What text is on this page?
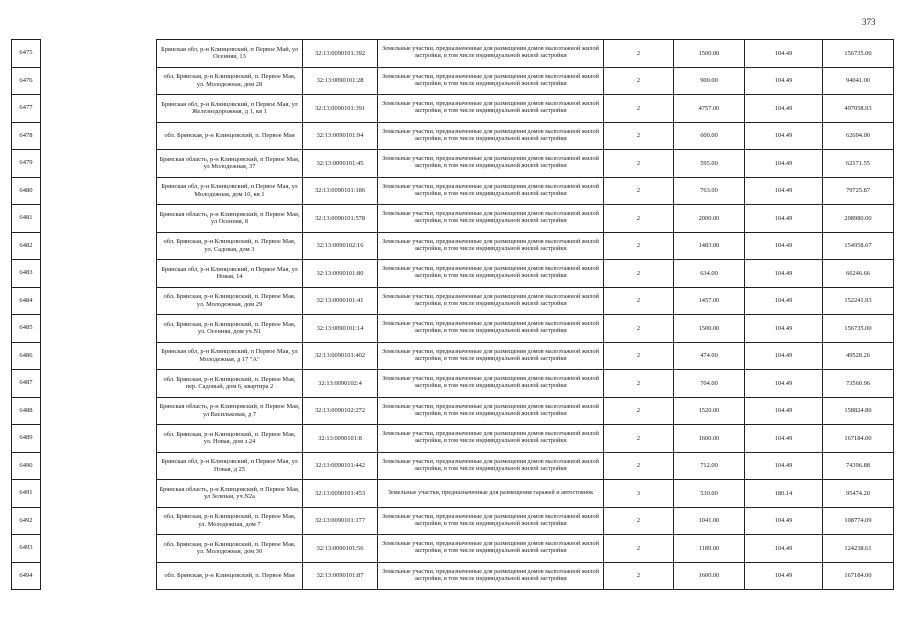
373
6475		Брянская обл, р-н Клинцовский, п Первое Май, ул Осенняя, 13	32:13:0090101:392	Земельные участки, предназначенные для размещения домов малоэтажной жилой застройки, в том числе индивидуальной жилой застройки	2	1500.00	104.49	156735.00
6476		обл. Брянская, р-н Клинцовский, п. Первое Мая, ул. Молодежная, дом 28	32:13:0090101:28	Земельные участки, предназначенные для размещения домов малоэтажной жилой застройки, в том числе индивидуальной жилой застройки	2	900.00	104.49	94041.00
6477		Брянская обл, р-н Клинцовский, п Первое Мая, ул Железнодорожная, д 1, кв 1	32:13:0090101:391	Земельные участки, предназначенные для размещения домов малоэтажной жилой застройки, в том числе индивидуальной жилой застройки	2	4757.00	104.49	497058.93
6478		обл. Брянская, р-н Клинцовский, п. Первое Мая	32:13:0090101:94	Земельные участки, предназначенные для размещения домов малоэтажной жилой застройки, в том числе индивидуальной жилой застройки	2	600.00	104.49	62694.00
6479		Брянская область, р-н Клинцовский, п Первое Мая, ул Молодежная, 37	32:13:0090101:45	Земельные участки, предназначенные для размещения домов малоэтажной жилой застройки, в том числе индивидуальной жилой застройки	2	595.00	104.49	62171.55
6480		Брянская обл, р-н Клинцовский, п Первое Мая, ул Молодежная, дом 10, кв 1	32:13:0090101:186	Земельные участки, предназначенные для размещения домов малоэтажной жилой застройки, в том числе индивидуальной жилой застройки	2	763.00	104.49	79725.87
6481		Брянская область, р-н Клинцовский, п Первое Мая, ул Осенняя, 8	32:13:0090101:578	Земельные участки, предназначенные для размещения домов малоэтажной жилой застройки, в том числе индивидуальной жилой застройки	2	2000.00	104.49	208980.00
6482		обл. Брянская, р-н Клинцовский, п. Первое Мая, ул. Садовая, дом 3	32:13:0090102:16	Земельные участки, предназначенные для размещения домов малоэтажной жилой застройки, в том числе индивидуальной жилой застройки	2	1483.00	104.49	154958.67
6483		Брянская обл, р-н Клинцовский, п Первое Мая, ул Новая, 14	32:13:0090101:80	Земельные участки, предназначенные для размещения домов малоэтажной жилой застройки, в том числе индивидуальной жилой застройки	2	634.00	104.49	66246.66
6484		обл. Брянская, р-н Клинцовский, п. Первое Мая, ул. Молодежная, дом 29	32:13:0090101:41	Земельные участки, предназначенные для размещения домов малоэтажной жилой застройки, в том числе индивидуальной жилой застройки	2	1457.00	104.49	152241.93
6485		обл. Брянская, р-н Клинцовский, п. Первое Мая, ул. Осенняя, дом уч.N1	32:13:0090101:14	Земельные участки, предназначенные для размещения домов малоэтажной жилой застройки, в том числе индивидуальной жилой застройки	2	1500.00	104.49	156735.00
6486		Брянская обл, р-н Клинцовский, п Первое Мая, ул Молодежная, д 17 "А"	32:13:0090101:402	Земельные участки, предназначенные для размещения домов малоэтажной жилой застройки, в том числе индивидуальной жилой застройки	2	474.00	104.49	49528.26
6487		обл. Брянская, р-н Клинцовский, п. Первое Мая, пер. Садовый, дом 6, квартира 2	32:13:0090102:4	Земельные участки, предназначенные для размещения домов малоэтажной жилой застройки, в том числе индивидуальной жилой застройки	2	704.00	104.49	73560.96
6488		Брянская область, р-н Клинцовский, п Первое Мая, ул Васильковая, д 7	32:13:0090102:272	Земельные участки, предназначенные для размещения домов малоэтажной жилой застройки, в том числе индивидуальной жилой застройки	2	1520.00	104.49	158824.80
6489		обл. Брянская, р-н Клинцовский, п. Первое Мая, ул. Новая, дом з.24	32:13:0090101:8	Земельные участки, предназначенные для размещения домов малоэтажной жилой застройки, в том числе индивидуальной жилой застройки	2	1600.00	104.49	167184.00
6490		Брянская обл, р-н Клинцовский, п Первое Мая, ул Новая, д 25	32:13:0090101:442	Земельные участки, предназначенные для размещения домов малоэтажной жилой застройки, в том числе индивидуальной жилой застройки	2	712.00	104.49	74396.88
6491		Брянская область, р-н Клинцовский, п Первое Мая, ул Зеленая, уч.N2а	32:13:0090101:453	Земельные участки, предназначенные для размещения гаражей и автостоянок	3	530.00	180.14	95474.20
6492		обл. Брянская, р-н Клинцовский, п. Первое Мая, ул. Молодежная, дом 7	32:13:0090101:177	Земельные участки, предназначенные для размещения домов малоэтажной жилой застройки, в том числе индивидуальной жилой застройки	2	1041.00	104.49	108774.09
6493		обл. Брянская, р-н Клинцовский, п. Первое Мая, ул. Молодежная, дом 30	32:13:0090101:56	Земельные участки, предназначенные для размещения домов малоэтажной жилой застройки, в том числе индивидуальной жилой застройки	2	1189.00	104.49	124238.61
6494		обл. Брянская, р-н Клинцовский, п. Первое Мая	32:13:0090101:87	Земельные участки, предназначенные для размещения домов малоэтажной жилой застройки, в том числе индивидуальной жилой застройки	2	1600.00	104.49	167184.00
